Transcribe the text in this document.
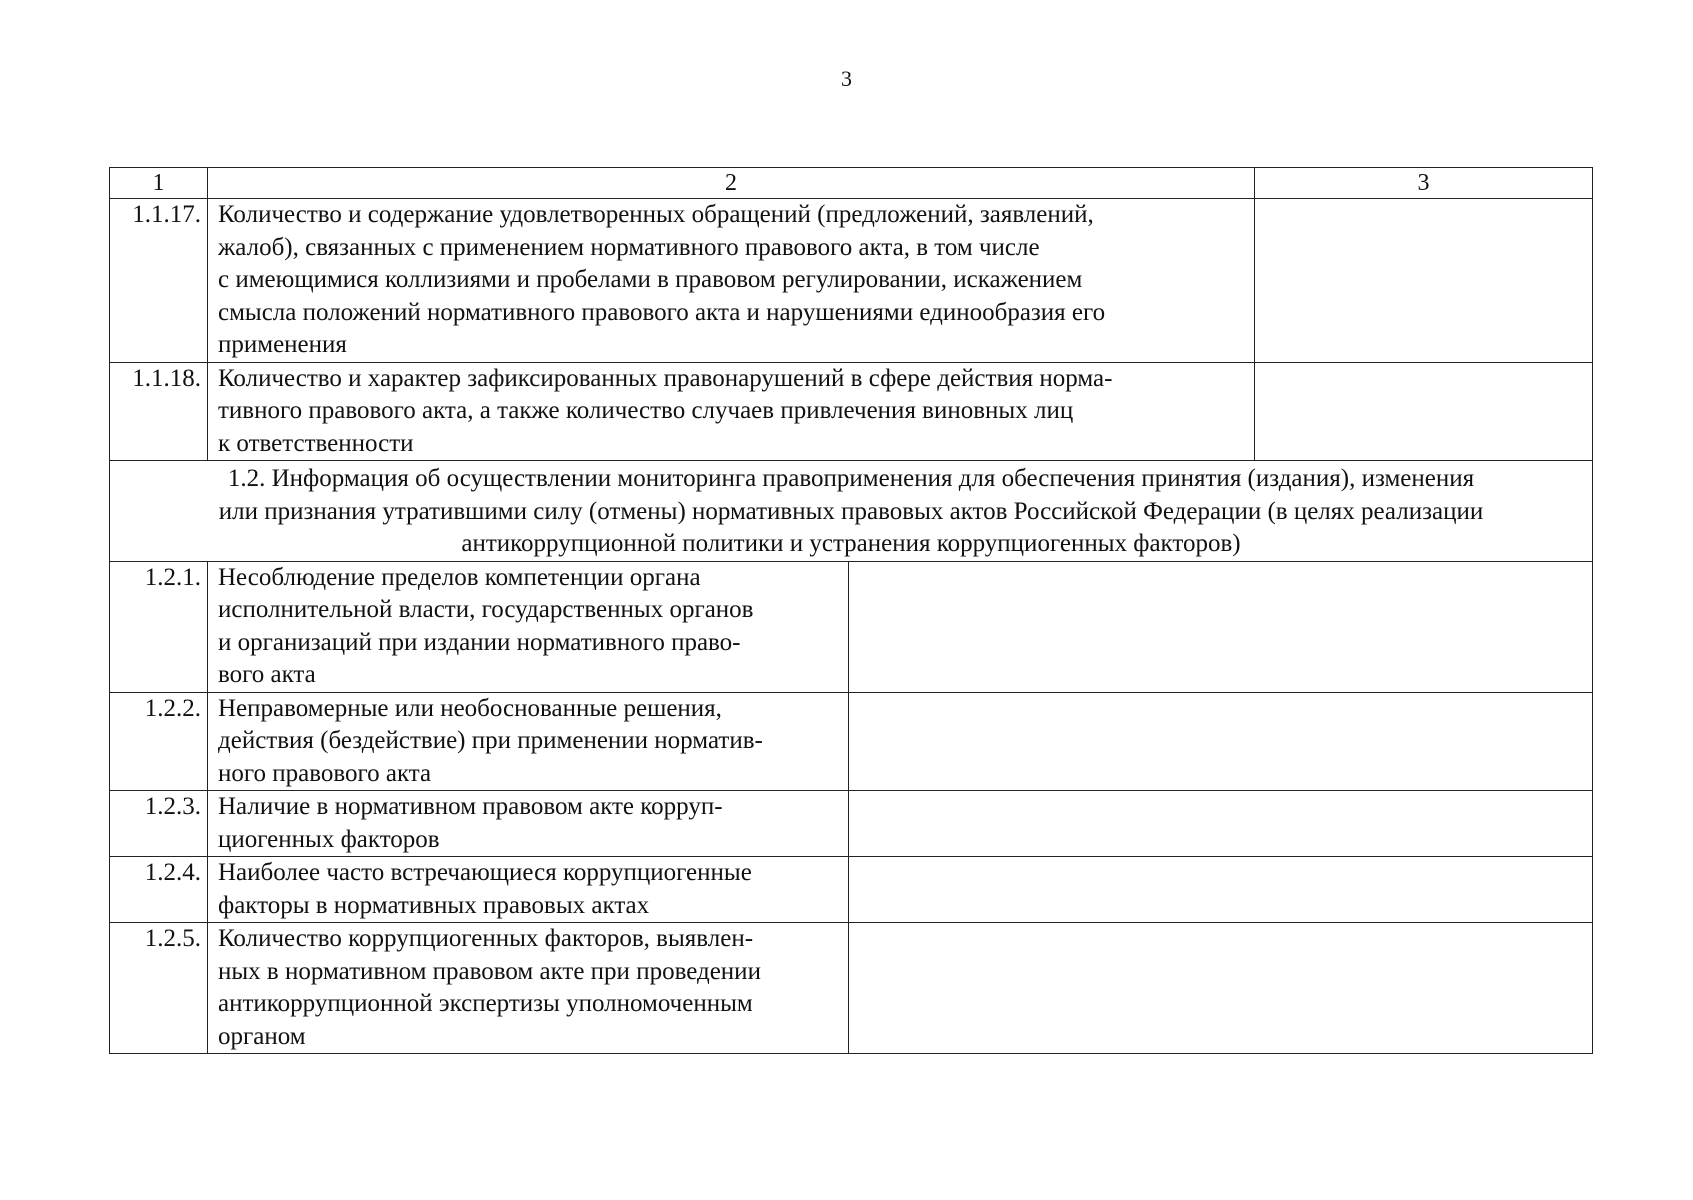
3
1	2		3
1.1.17.	Количество и содержание удовлетворенных обращений (предложений, заявлений,
жалоб), связанных с применением нормативного правового акта, в том числе
с имеющимися коллизиями и пробелами в правовом регулировании, искажением
смысла положений нормативного правового акта и нарушениями единообразия его
применения		

1.1.18.	Количество и характер зафиксированных правонарушений в сфере действия норма-
тивного правового акта, а также количество случаев привлечения виновных лиц
к ответственности		

1.2. Информация об осуществлении мониторинга правоприменения для обеспечения принятия (издания), изменения
или признания утратившими силу (отмены) нормативных правовых актов Российской Федерации (в целях реализации
антикоррупционной политики и устранения коррупциогенных факторов)			

1.2.1.	Несоблюдение пределов компетенции органа
исполнительной власти, государственных органов
и организаций при издании нормативного право-
вого акта		

1.2.2.	Неправомерные или необоснованные решения,
действия (бездействие) при применении норматив-
ного правового акта		

1.2.3.	Наличие в нормативном правовом акте корруп-
циогенных факторов		

1.2.4.	Наиболее часто встречающиеся коррупциогенные
факторы в нормативных правовых актах		

1.2.5.	Количество коррупциогенных факторов, выявлен-
ных в нормативном правовом акте при проведении
антикоррупционной экспертизы уполномоченным
органом		
